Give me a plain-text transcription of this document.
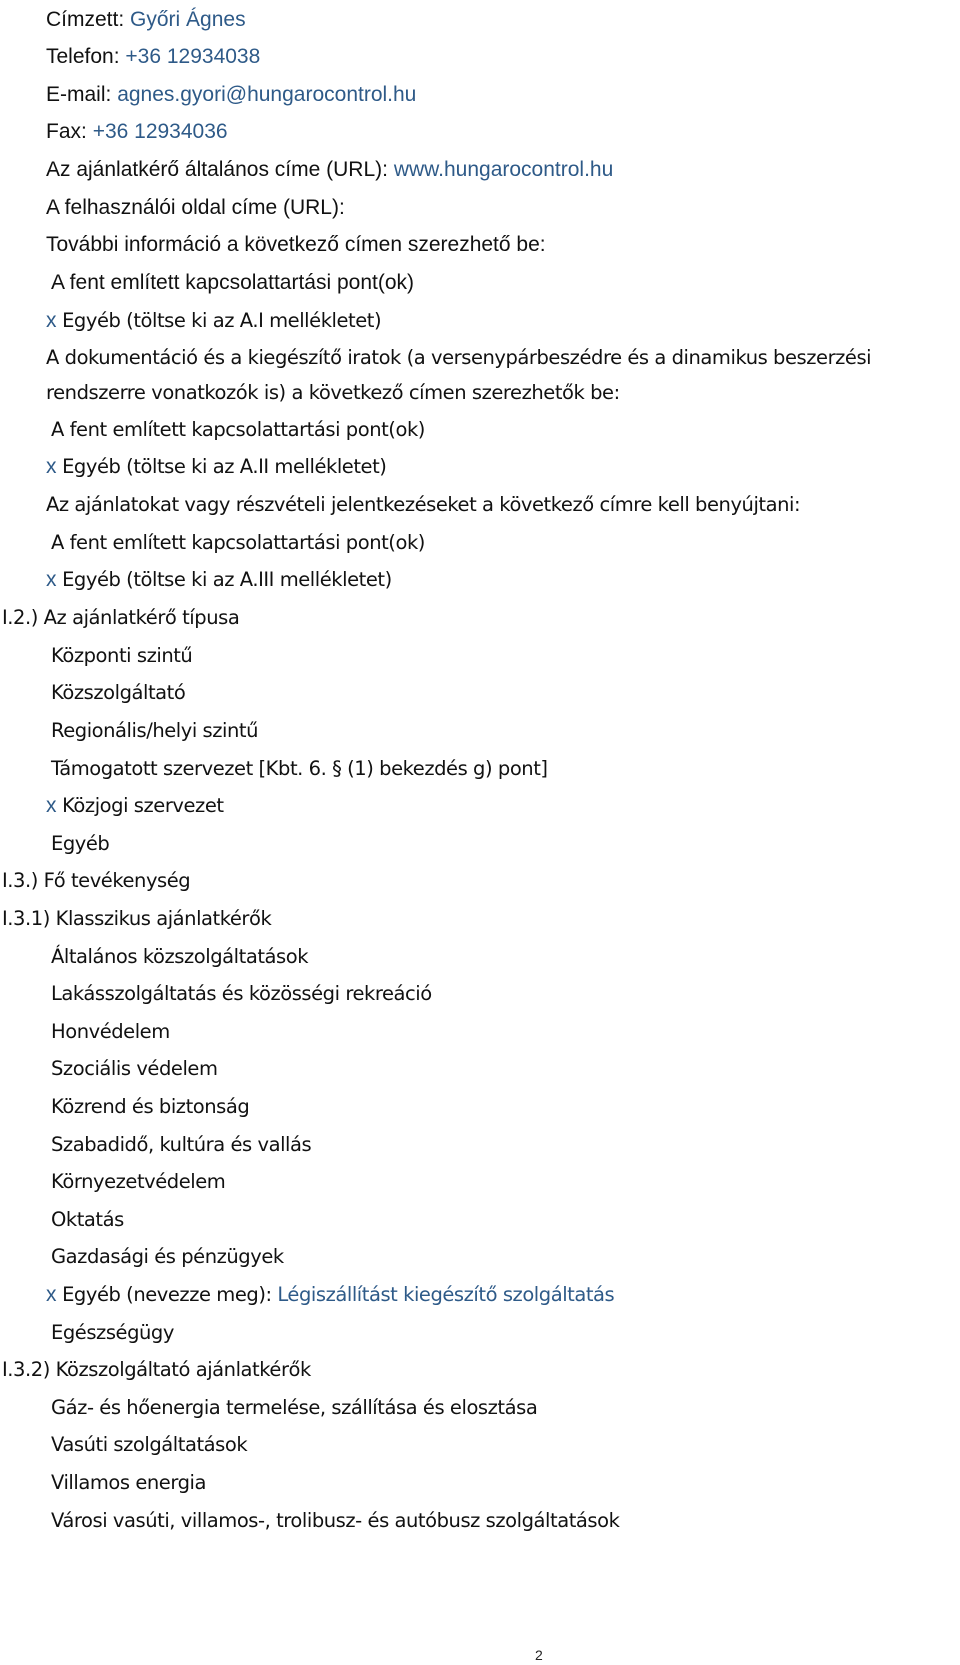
Címzett: Győri Ágnes
Telefon: +36 12934038
E-mail: agnes.gyori@hungarocontrol.hu
Fax: +36 12934036
Az ajánlatkérő általános címe (URL): www.hungarocontrol.hu
A felhasználói oldal címe (URL):
További információ a következő címen szerezhető be:
A fent említett kapcsolattartási pont(ok)
x Egyéb (töltse ki az A.I mellékletet)
A dokumentáció és a kiegészítő iratok (a versenypárbeszédre és a dinamikus beszerzési
rendszerre vonatkozók is) a következő címen szerezhetők be:
A fent említett kapcsolattartási pont(ok)
x Egyéb (töltse ki az A.II mellékletet)
Az ajánlatokat vagy részvételi jelentkezéseket a következő címre kell benyújtani:
A fent említett kapcsolattartási pont(ok)
x Egyéb (töltse ki az A.III mellékletet)
I.2.) Az ajánlatkérő típusa
Központi szintű
Közszolgáltató
Regionális/helyi szintű
Támogatott szervezet [Kbt. 6. § (1) bekezdés g) pont]
x Közjogi szervezet
Egyéb
I.3.) Fő tevékenység
I.3.1) Klasszikus ajánlatkérők
Általános közszolgáltatások
Lakásszolgáltatás és közösségi rekreáció
Honvédelem
Szociális védelem
Közrend és biztonság
Szabadidő, kultúra és vallás
Környezetvédelem
Oktatás
Gazdasági és pénzügyek
x Egyéb (nevezze meg): Légiszállítást kiegészítő szolgáltatás
Egészségügy
I.3.2) Közszolgáltató ajánlatkérők
Gáz- és hőenergia termelése, szállítása és elosztása
Vasúti szolgáltatások
Villamos energia
Városi vasúti, villamos-, trolibusz- és autóbusz szolgáltatások
2
